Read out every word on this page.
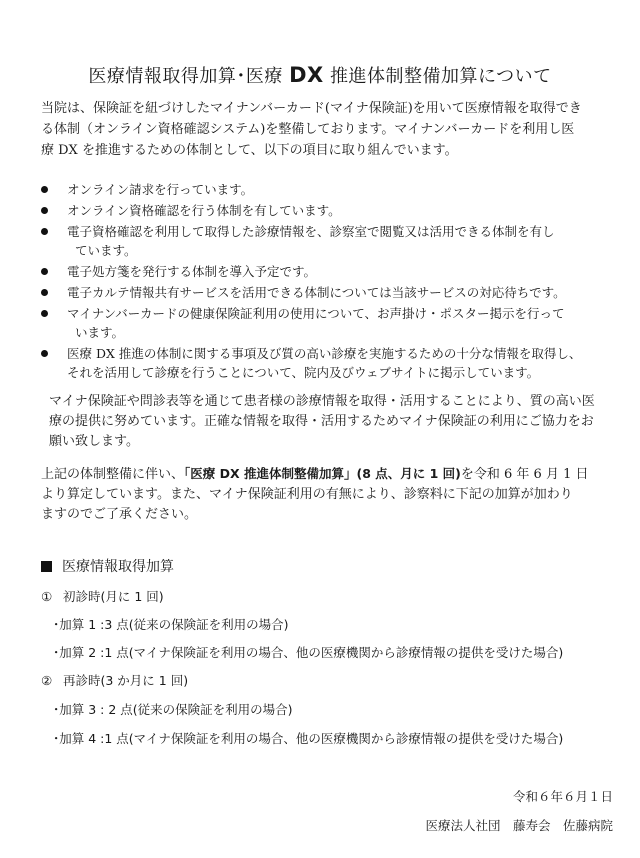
医療情報取得加算･医療 DX 推進体制整備加算について

当院は、保険証を紐づけしたマイナンバーカード(マイナ保険証)を用いて医療情報を取得でき
る体制（オンライン資格確認システム)を整備しております。マイナンバーカードを利用し医
療 DX を推進するための体制として、以下の項目に取り組んでいます。

オンライン請求を行っています。
オンライン資格確認を行う体制を有しています。
電子資格確認を利用して取得した診療情報を、診察室で閲覧又は活用できる体制を有し
ています。
電子処方箋を発行する体制を導入予定です。
電子カルテ情報共有サービスを活用できる体制については当該サービスの対応待ちです。
マイナンバーカードの健康保険証利用の使用について、お声掛け・ポスター掲示を行って
います。
医療 DX 推進の体制に関する事項及び質の高い診療を実施するための十分な情報を取得し、
それを活用して診療を行うことについて、院内及びウェブサイトに掲示しています。

マイナ保険証や問診表等を通じて患者様の診療情報を取得・活用することにより、質の高い医
療の提供に努めています。正確な情報を取得・活用するためマイナ保険証の利用にご協力をお
願い致します。

上記の体制整備に伴い、「医療 DX 推進体制整備加算」(8 点、月に 1 回)を令和 6 年 6 月 1 日
より算定しています。また、マイナ保険証利用の有無により、診察料に下記の加算が加わり
ますのでご了承ください。

医療情報取得加算
① 初診時(月に 1 回)
･加算 1 :3 点(従来の保険証を利用の場合)
･加算 2 :1 点(マイナ保険証を利用の場合、他の医療機関から診療情報の提供を受けた場合)
② 再診時(3 か月に 1 回)
･加算 3 : 2 点(従来の保険証を利用の場合)
･加算 4 :1 点(マイナ保険証を利用の場合、他の医療機関から診療情報の提供を受けた場合)
令和６年６月１日
医療法人社団　藤寿会　佐藤病院
